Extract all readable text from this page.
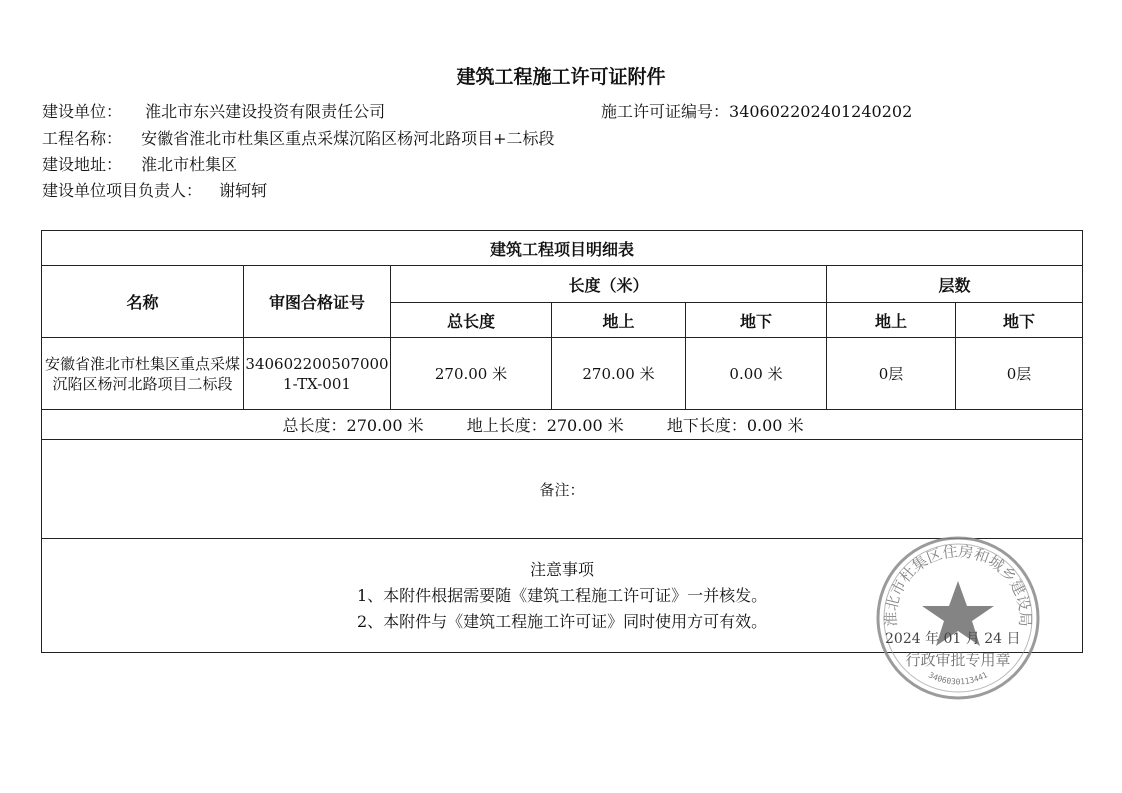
建筑工程施工许可证附件
建设单位： 淮北市东兴建设投资有限责任公司	施工许可证编号：340602202401240202
工程名称： 安徽省淮北市杜集区重点采煤沉陷区杨河北路项目+二标段
建设地址： 淮北市杜集区
建设单位项目负责人： 谢轲轲
建筑工程项目明细表						
名称	审图合格证号	长度（米）			层数	
		总长度	地上	地下	地上	地下
安徽省淮北市杜集区重点采煤沉陷区杨河北路项目二标段	3406022005070001-TX-001	270.00 米	270.00 米	0.00 米	0层	0层
总长度：270.00 米 地上长度：270.00 米 地下长度：0.00 米						
备注：						

注意事项
1、本附件根据需要随《建筑工程施工许可证》一并核发。
2、本附件与《建筑工程施工许可证》同时使用方可有效。							淮北市杜集区住房和城乡建设局
行政审批专用章
3406030113441
2024 年 01 月 24 日
